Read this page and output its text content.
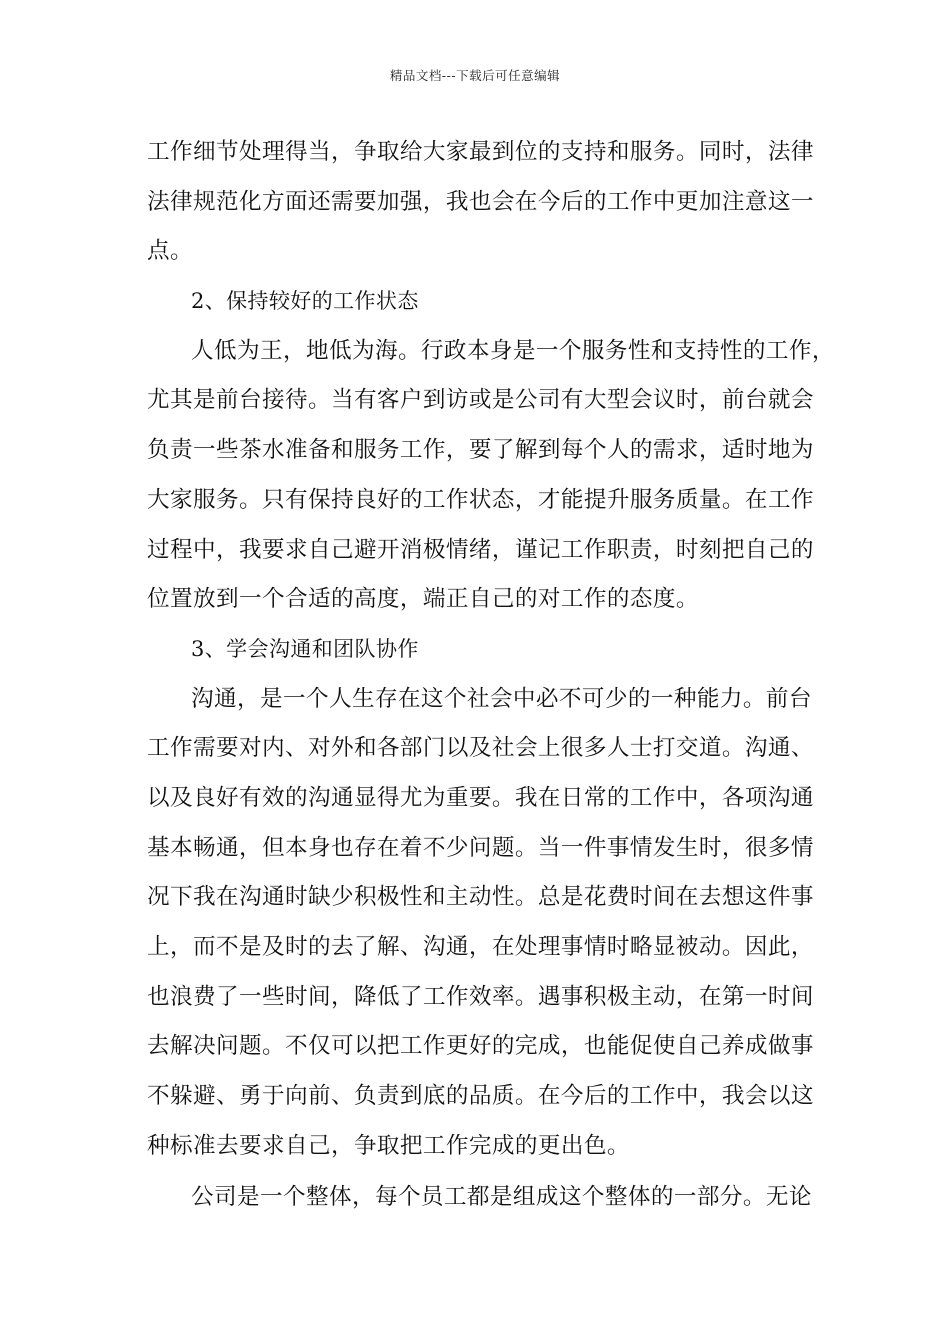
精品文档---下载后可任意编辑
工作细节处理得当，争取给大家最到位的支持和服务。同时，法律
法律规范化方面还需要加强，我也会在今后的工作中更加注意这一
点。
2、保持较好的工作状态
人低为王，地低为海。行政本身是一个服务性和支持性的工作，
尤其是前台接待。当有客户到访或是公司有大型会议时，前台就会
负责一些茶水准备和服务工作，要了解到每个人的需求，适时地为
大家服务。只有保持良好的工作状态，才能提升服务质量。在工作
过程中，我要求自己避开消极情绪，谨记工作职责，时刻把自己的
位置放到一个合适的高度，端正自己的对工作的态度。
3、学会沟通和团队协作
沟通，是一个人生存在这个社会中必不可少的一种能力。前台
工作需要对内、对外和各部门以及社会上很多人士打交道。沟通、
以及良好有效的沟通显得尤为重要。我在日常的工作中，各项沟通
基本畅通，但本身也存在着不少问题。当一件事情发生时，很多情
况下我在沟通时缺少积极性和主动性。总是花费时间在去想这件事
上，而不是及时的去了解、沟通，在处理事情时略显被动。因此，
也浪费了一些时间，降低了工作效率。遇事积极主动，在第一时间
去解决问题。不仅可以把工作更好的完成，也能促使自己养成做事
不躲避、勇于向前、负责到底的品质。在今后的工作中，我会以这
种标准去要求自己，争取把工作完成的更出色。
公司是一个整体，每个员工都是组成这个整体的一部分。无论
